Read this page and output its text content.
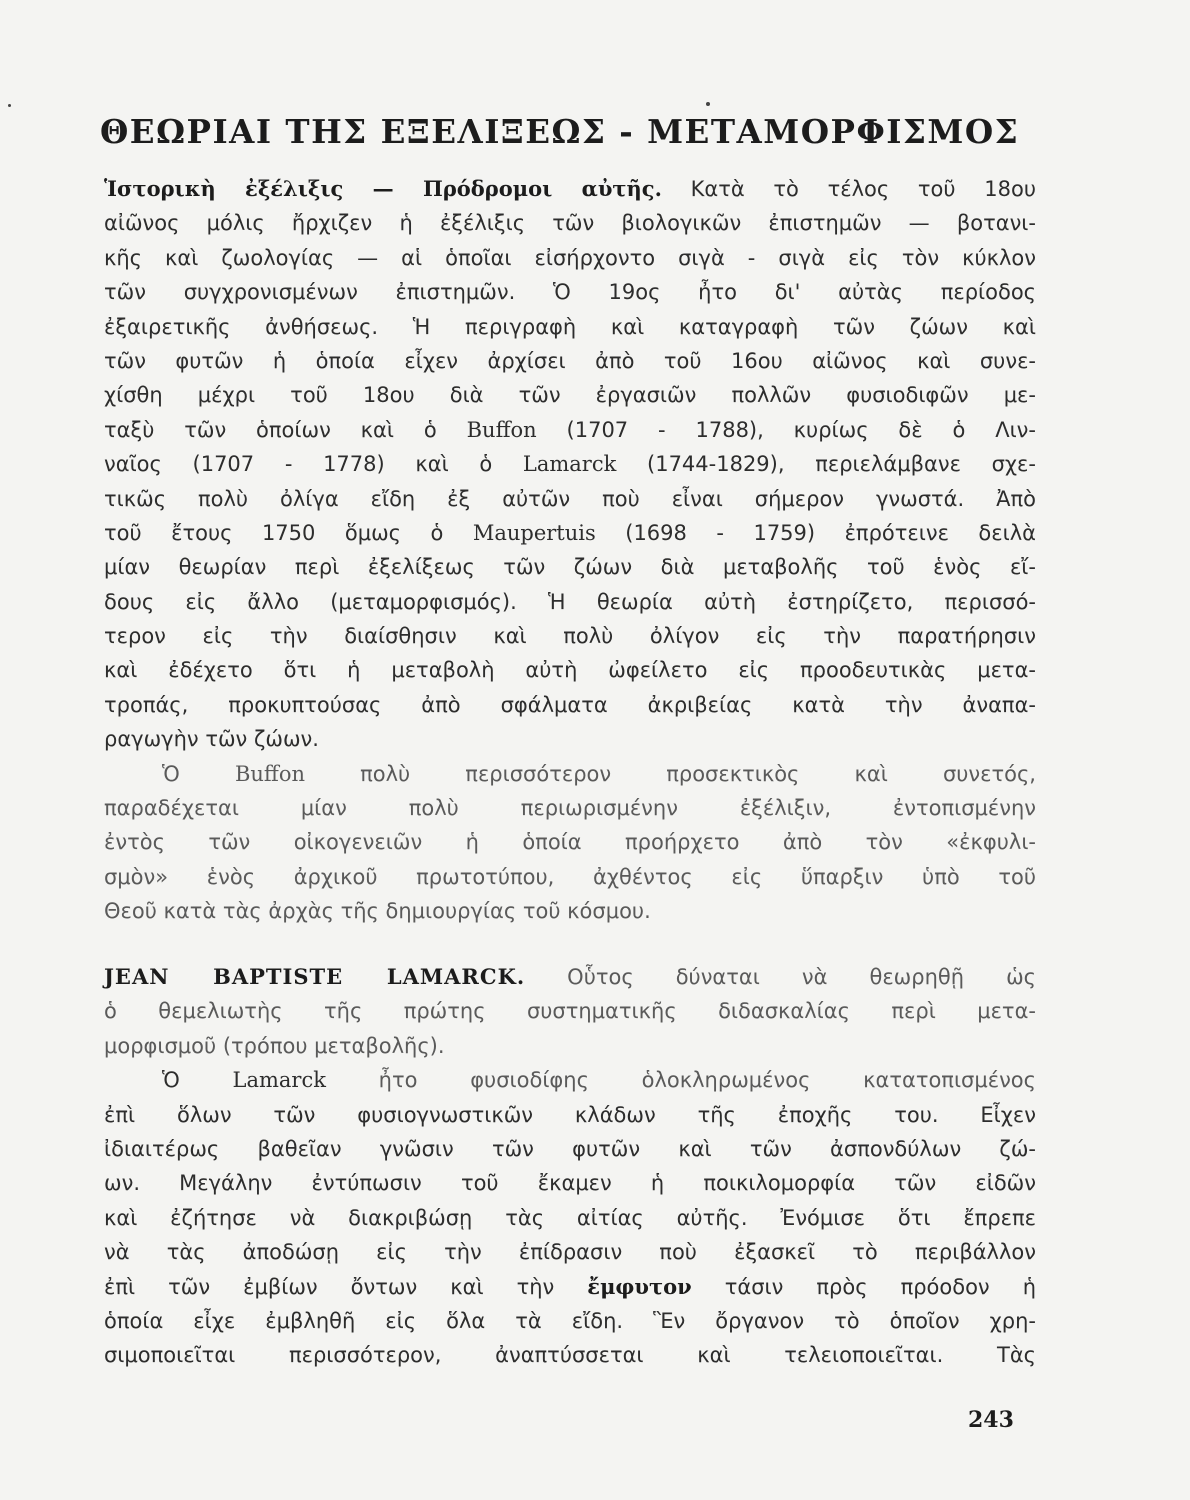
ΘΕΩΡΙΑΙ ΤΗΣ ΕΞΕΛΙΞΕΩΣ - ΜΕΤΑΜΟΡΦΙΣΜΟΣ
Ἱστορικὴ ἐξέλιξις — Πρόδρομοι αὐτῆς. Κατὰ τὸ τέλος τοῦ 18ου
αἰῶνος μόλις ἤρχιζεν ἡ ἐξέλιξις τῶν βιολογικῶν ἐπιστημῶν — βοτανι-
κῆς καὶ ζωολογίας — αἱ ὁποῖαι εἰσήρχοντο σιγὰ - σιγὰ εἰς τὸν κύκλον
τῶν συγχρονισμένων ἐπιστημῶν. Ὁ 19ος ἦτο δι' αὐτὰς περίοδος
ἐξαιρετικῆς ἀνθήσεως. Ἡ περιγραφὴ καὶ καταγραφὴ τῶν ζώων καὶ
τῶν φυτῶν ἡ ὁποία εἶχεν ἀρχίσει ἀπὸ τοῦ 16ου αἰῶνος καὶ συνε-
χίσθη μέχρι τοῦ 18ου διὰ τῶν ἐργασιῶν πολλῶν φυσιοδιφῶν με-
ταξὺ τῶν ὁποίων καὶ ὁ Buffon (1707 - 1788), κυρίως δὲ ὁ Λιν-
ναῖος (1707 - 1778) καὶ ὁ Lamarck (1744-1829), περιελάμβανε σχε-
τικῶς πολὺ ὀλίγα εἴδη ἐξ αὐτῶν ποὺ εἶναι σήμερον γνωστά. Ἀπὸ
τοῦ ἔτους 1750 ὅμως ὁ Maupertuis (1698 - 1759) ἐπρότεινε δειλὰ
μίαν θεωρίαν περὶ ἐξελίξεως τῶν ζώων διὰ μεταβολῆς τοῦ ἑνὸς εἴ-
δους εἰς ἄλλο (μεταμορφισμός). Ἡ θεωρία αὐτὴ ἐστηρίζετο, περισσό-
τερον εἰς τὴν διαίσθησιν καὶ πολὺ ὀλίγον εἰς τὴν παρατήρησιν
καὶ ἐδέχετο ὅτι ἡ μεταβολὴ αὐτὴ ὠφείλετο εἰς προοδευτικὰς μετα-
τροπάς, προκυπτούσας ἀπὸ σφάλματα ἀκριβείας κατὰ τὴν ἀναπα-
ραγωγὴν τῶν ζώων.
Ὁ Buffon πολὺ περισσότερον προσεκτικὸς καὶ συνετός,
παραδέχεται μίαν πολὺ περιωρισμένην ἐξέλιξιν, ἐντοπισμένην
ἐντὸς τῶν οἰκογενειῶν ἡ ὁποία προήρχετο ἀπὸ τὸν «ἐκφυλι-
σμὸν» ἑνὸς ἀρχικοῦ πρωτοτύπου, ἀχθέντος εἰς ὕπαρξιν ὑπὸ τοῦ
Θεοῦ κατὰ τὰς ἀρχὰς τῆς δημιουργίας τοῦ κόσμου.
JEAN BAPTISTE LAMARCK. Οὗτος δύναται νὰ θεωρηθῇ ὡς
ὁ θεμελιωτὴς τῆς πρώτης συστηματικῆς διδασκαλίας περὶ μετα-
μορφισμοῦ (τρόπου μεταβολῆς).
Ὁ Lamarck ἦτο φυσιοδίφης ὁλοκληρωμένος κατατοπισμένος
ἐπὶ ὅλων τῶν φυσιογνωστικῶν κλάδων τῆς ἐποχῆς του. Εἶχεν
ἰδιαιτέρως βαθεῖαν γνῶσιν τῶν φυτῶν καὶ τῶν ἀσπονδύλων ζώ-
ων. Μεγάλην ἐντύπωσιν τοῦ ἔκαμεν ἡ ποικιλομορφία τῶν εἰδῶν
καὶ ἐζήτησε νὰ διακριβώσῃ τὰς αἰτίας αὐτῆς. Ἐνόμισε ὅτι ἔπρεπε
νὰ τὰς ἀποδώσῃ εἰς τὴν ἐπίδρασιν ποὺ ἐξασκεῖ τὸ περιβάλλον
ἐπὶ τῶν ἐμβίων ὄντων καὶ τὴν ἔμφυτον τάσιν πρὸς πρόοδον ἡ
ὁποία εἶχε ἐμβληθῆ εἰς ὅλα τὰ εἴδη. Ἓν ὄργανον τὸ ὁποῖον χρη-
σιμοποιεῖται περισσότερον, ἀναπτύσσεται καὶ τελειοποιεῖται. Τὰς
243
